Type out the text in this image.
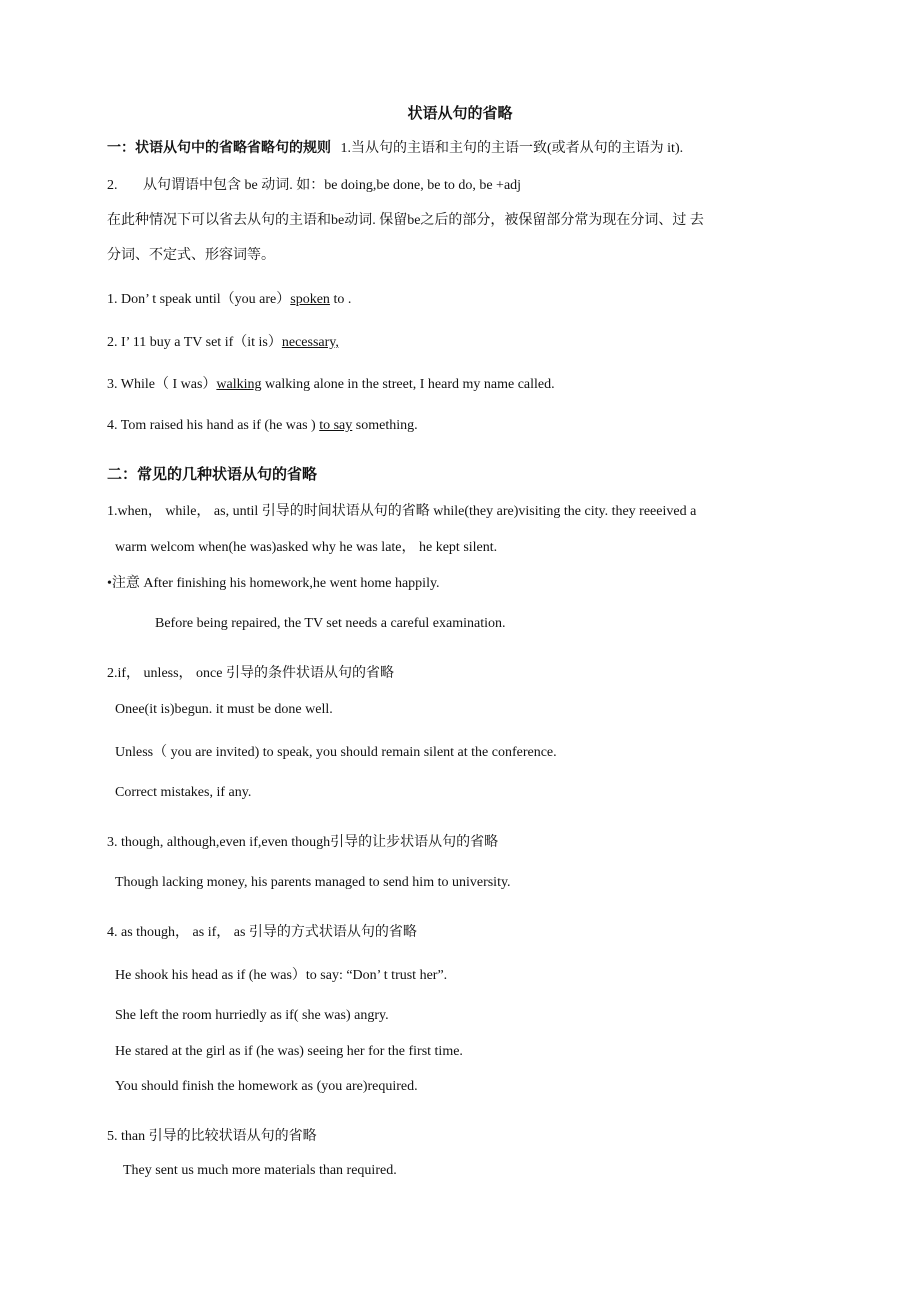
状语从句的省略
一：状语从句中的省略省略句的规则 1.当从句的主语和主句的主语一致(或者从句的主语为 it).
2. 从句谓语中包含 be 动词. 如：be doing,be done, be to do, be +adj
在此种情况下可以省去从句的主语和be动词. 保留be之后的部分，被保留部分常为现在分词、过 去
分词、不定式、形容词等。
1. Don’ t speak until（you are）spoken to .
2. I’ 11 buy a TV set if（it is）necessary,
3. While（ I was）walking walking alone in the street, I heard my name called.
4. Tom raised his hand as if (he was ) to say something.
二：常见的几种状语从句的省略
1.when， while， as, until 引导的时间状语从句的省略 while(they are)visiting the city. they reeeived a
warm welcom when(he was)asked why he was late， he kept silent.
•注意 After finishing his homework,he went home happily.
Before being repaired, the TV set needs a careful examination.
2.if， unless， once 引导的条件状语从句的省略
Onee(it is)begun. it must be done well.
Unless（ you are invited) to speak, you should remain silent at the conference.
Correct mistakes, if any.
3. though, although,even if,even though引导的让步状语从句的省略
Though lacking money, his parents managed to send him to university.
4. as though， as if， as 引导的方式状语从句的省略
He shook his head as if (he was）to say: “Don’ t trust her”.
She left the room hurriedly as if( she was) angry.
He stared at the girl as if (he was) seeing her for the first time.
You should finish the homework as (you are)required.
5. than 引导的比较状语从句的省略
They sent us much more materials than required.
